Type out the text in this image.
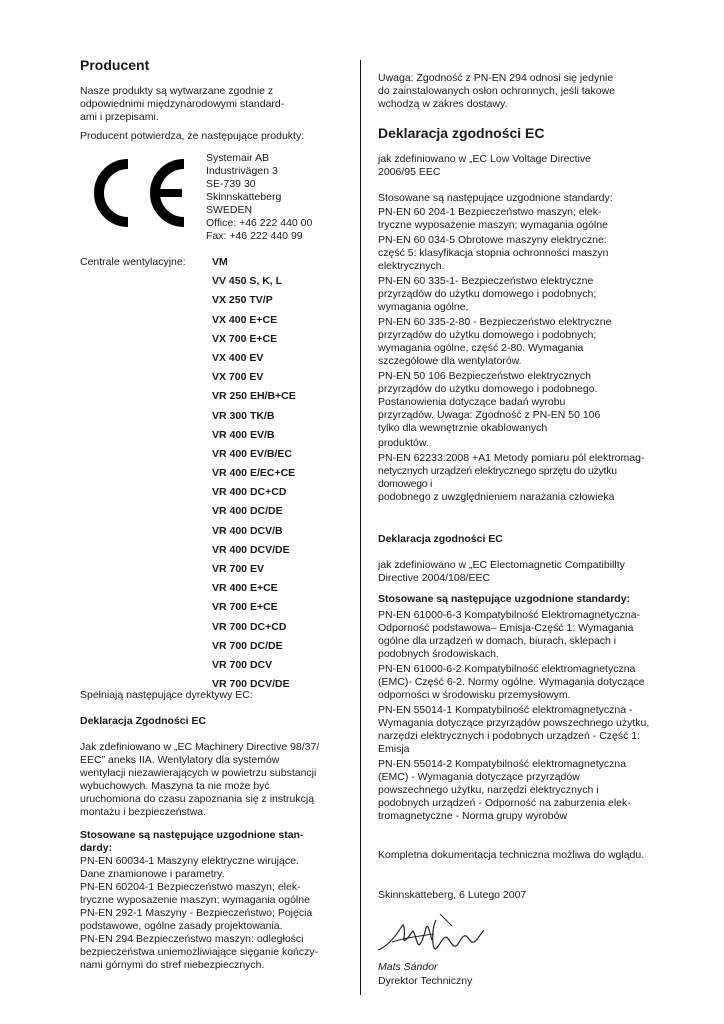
Producent
Nasze produkty są wytwarzane zgodnie z
odpowiednimi międzynarodowymi standard-
ami i przepisami.
Producent potwierdza, że następujące produkty:
Systemair AB
Industrivägen 3
SE-739 30
Skinnskatteberg
SWEDEN
Office: +46 222 440 00
Fax: +46 222 440 99
Centrale wentylacyjne:	VM
VV 450 S, K, L
VX 250 TV/P
VX 400 E+CE
VX 700 E+CE
VX 400 EV
VX 700 EV
VR 250 EH/B+CE
VR 300 TK/B
VR 400 EV/B
VR 400 EV/B/EC
VR 400 E/EC+CE
VR 400 DC+CD
VR 400 DC/DE
VR 400 DCV/B
VR 400 DCV/DE
VR 700 EV
VR 400 E+CE
VR 700 E+CE
VR 700 DC+CD
VR 700 DC/DE
VR 700 DCV
VR 700 DCV/DE
Spełniają następujące dyrektywy EC:
Deklaracja Zgodności EC
Jak zdefiniowano w „EC Machinery Directive 98/37/
EEC” aneks IIA. Wentylatory dla systemów
wentylacji niezawierających w powietrzu substancji
wybuchowych. Maszyna ta nie może być
uruchomiona do czasu zapoznania się z instrukcją
montażu i bezpieczeństwa.
Stosowane są następujące uzgodnione stan-
dardy:
PN-EN 60034-1 Maszyny elektryczne wirujące.
Dane znamionowe i parametry.
PN-EN 60204-1 Bezpieczeństwo maszyn; elek-
tryczne wyposażenie maszyn; wymagania ogólne
PN-EN 292-1 Maszyny - Bezpieczeństwo; Pojęcia
podstawowe, ogólne zasady projektowania.
PN-EN 294 Bezpieczeństwo maszyn: odległości
bezpieczeństwa uniemożliwiające sięganie kończy-
nami górnymi do stref niebezpiecznych.
Uwaga: Zgodność z PN-EN 294 odnosi się jedynie
do zainstalowanych osłon ochronnych, jeśli takowe
wchodzą w zakres dostawy.
Deklaracja zgodności EC
jak zdefiniowano w „EC Low Voltage Directive
2006/95 EEC
Stosowane są następujące uzgodnione standardy:
PN-EN 60 204-1 Bezpieczeństwo maszyn; elek-
tryczne wyposażenie maszyn; wymagania ogólne
PN-EN 60 034-5 Obrotowe maszyny elektryczne:
część 5: klasyfikacja stopnia ochronności maszyn
elektrycznych.
PN-EN 60 335-1- Bezpieczeństwo elektryczne
przyrządów do użytku domowego i podobnych;
wymagania ogólne.
PN-EN 60 335-2-80 - Bezpieczeństwo elektryczne
przyrządów do użytku domowego i podobnych;
wymagania ogólne, część 2-80. Wymagania
szczegółowe dla wentylatorów.
PN-EN 50 106 Bezpieczeństwo elektrycznych
przyrządów do użytku domowego i podobnego.
Postanowienia dotyczące badań wyrobu
przyrządów. Uwaga: Zgodność z PN-EN 50 106
tylko dla wewnętrznie okablowanych
produktów.
PN-EN 62233:2008 +A1 Metody pomiaru pól elektromag-
netycznych urządzeń elektrycznego sprzętu do użytku domowego i
podobnego z uwzględnieniem narażania człowieka
Deklaracja zgodności EC
jak zdefiniowano w „EC Electomagnetic Compatibillty
Directive 2004/108/EEC
Stosowane są następujące uzgodnione standardy:
PN-EN 61000-6-3 Kompatybilność Elektromagnetyczna-
Odporność podstawowa– Emisja-Część 1: Wymagania
ogólne dla urządzeń w domach, biurach, sklepach i
podobnych środowiskach.
PN-EN 61000-6-2 Kompatybilność elektromagnetyczna
(EMC)- Część 6-2. Normy ogólne. Wymagania dotyczące
odporności w środowisku przemysłowym.
PN-EN 55014-1 Kompatybilność elektromagnetyczna -
Wymagania dotyczące przyrządów powszechnego użytku,
narzędzi elektrycznych i podobnych urządzeń - Część 1:
Emisja
PN-EN 55014-2 Kompatybilność elektromagnetyczna
(EMC) - Wymagania dotyczące przyrządów
powszechnego użytku, narzędzi elektrycznych i
podobnych urządzeń - Odporność na zaburzenia elek-
tromagnetyczne - Norma grupy wyrobów
Kompletna dokumentacja techniczna możliwa do wglądu.
Skinnskatteberg, 6 Lutego 2007
Mats Sándor
Dyrektor Techniczny
